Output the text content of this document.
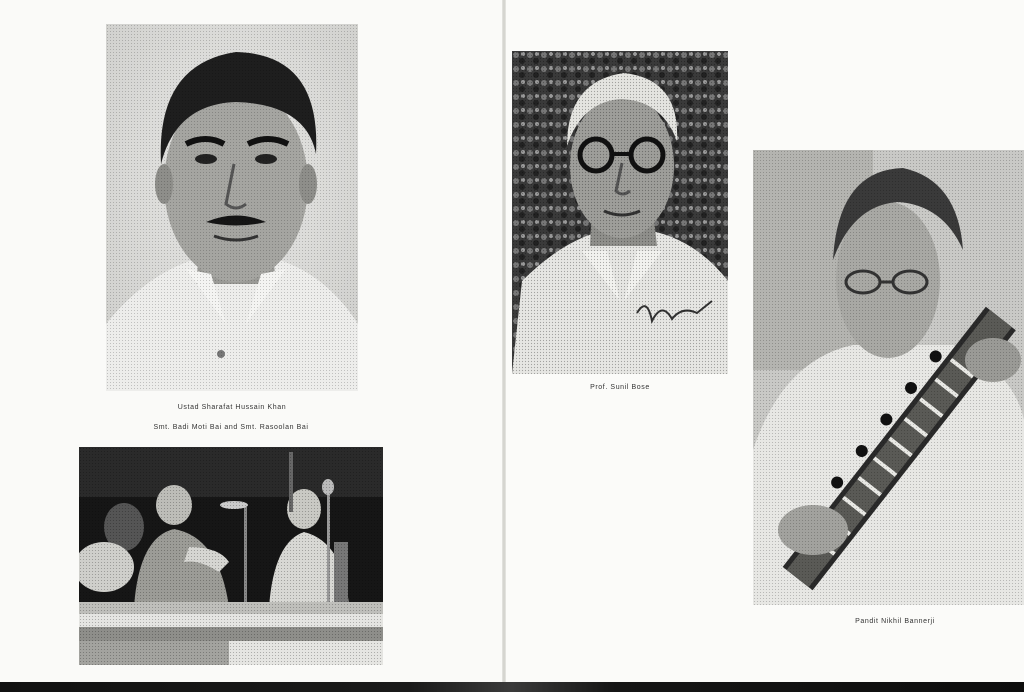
Ustad Sharafat Hussain Khan
Smt. Badi Moti Bai and Smt. Rasoolan Bai
Prof. Sunil Bose
Pandit Nikhil Bannerji
